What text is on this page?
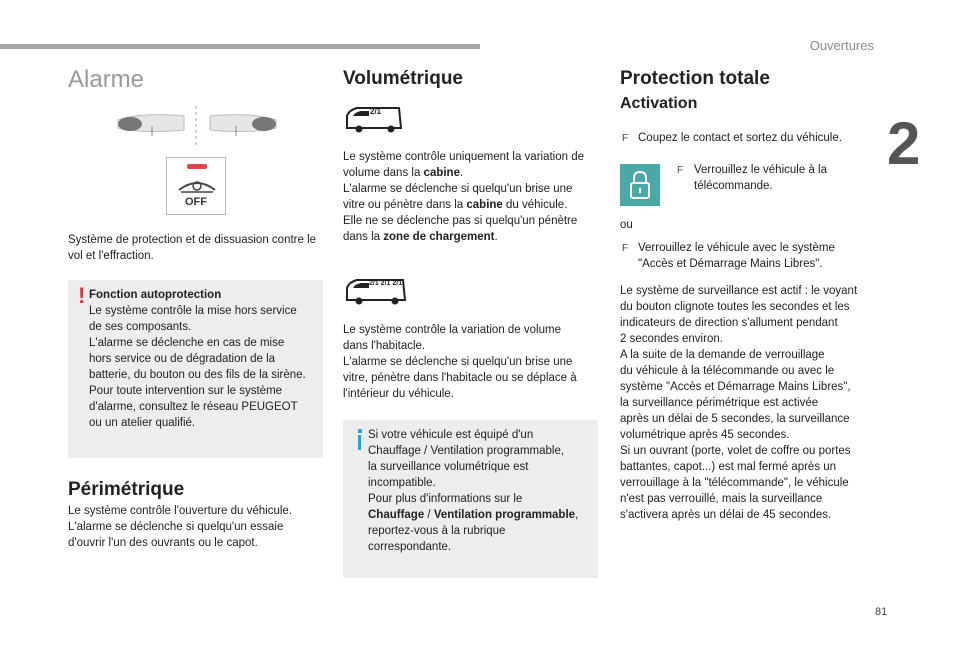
Ouvertures
2
81
Alarme
OFF
Système de protection et de dissuasion contre le vol et l'effraction.
! Fonction autoprotection
Le système contrôle la mise hors service
de ses composants.
L'alarme se déclenche en cas de mise
hors service ou de dégradation de la
batterie, du bouton ou des fils de la sirène.
Pour toute intervention sur le système
d'alarme, consultez le réseau PEUGEOT
ou un atelier qualifié.
Périmétrique
Le système contrôle l'ouverture du véhicule.
L'alarme se déclenche si quelqu'un essaie
d'ouvrir l'un des ouvrants ou le capot.
Volumétrique
2/1
Le système contrôle uniquement la variation de
volume dans la cabine.
L'alarme se déclenche si quelqu'un brise une
vitre ou pénètre dans la cabine du véhicule.
Elle ne se déclenche pas si quelqu'un pénètre
dans la zone de chargement.
2/1 2/1 2/1
Le système contrôle la variation de volume
dans l'habitacle.
L'alarme se déclenche si quelqu'un brise une
vitre, pénètre dans l'habitacle ou se déplace à
l'intérieur du véhicule.
Si votre véhicule est équipé d'un
Chauffage / Ventilation programmable,
la surveillance volumétrique est
incompatible.
Pour plus d'informations sur le
Chauffage / Ventilation programmable,
reportez-vous à la rubrique
correspondante.
Protection totale
Activation
F Coupez le contact et sortez du véhicule.
F Verrouillez le véhicule à la
télécommande.
ou
F Verrouillez le véhicule avec le système
"Accès et Démarrage Mains Libres".
Le système de surveillance est actif : le voyant
du bouton clignote toutes les secondes et les
indicateurs de direction s'allument pendant
2 secondes environ.
A la suite de la demande de verrouillage
du véhicule à la télécommande ou avec le
système "Accès et Démarrage Mains Libres",
la surveillance périmétrique est activée
après un délai de 5 secondes, la surveillance
volumétrique après 45 secondes.
Si un ouvrant (porte, volet de coffre ou portes
battantes, capot...) est mal fermé après un
verrouillage à la "télécommande", le véhicule
n'est pas verrouillé, mais la surveillance
s'activera après un délai de 45 secondes.
